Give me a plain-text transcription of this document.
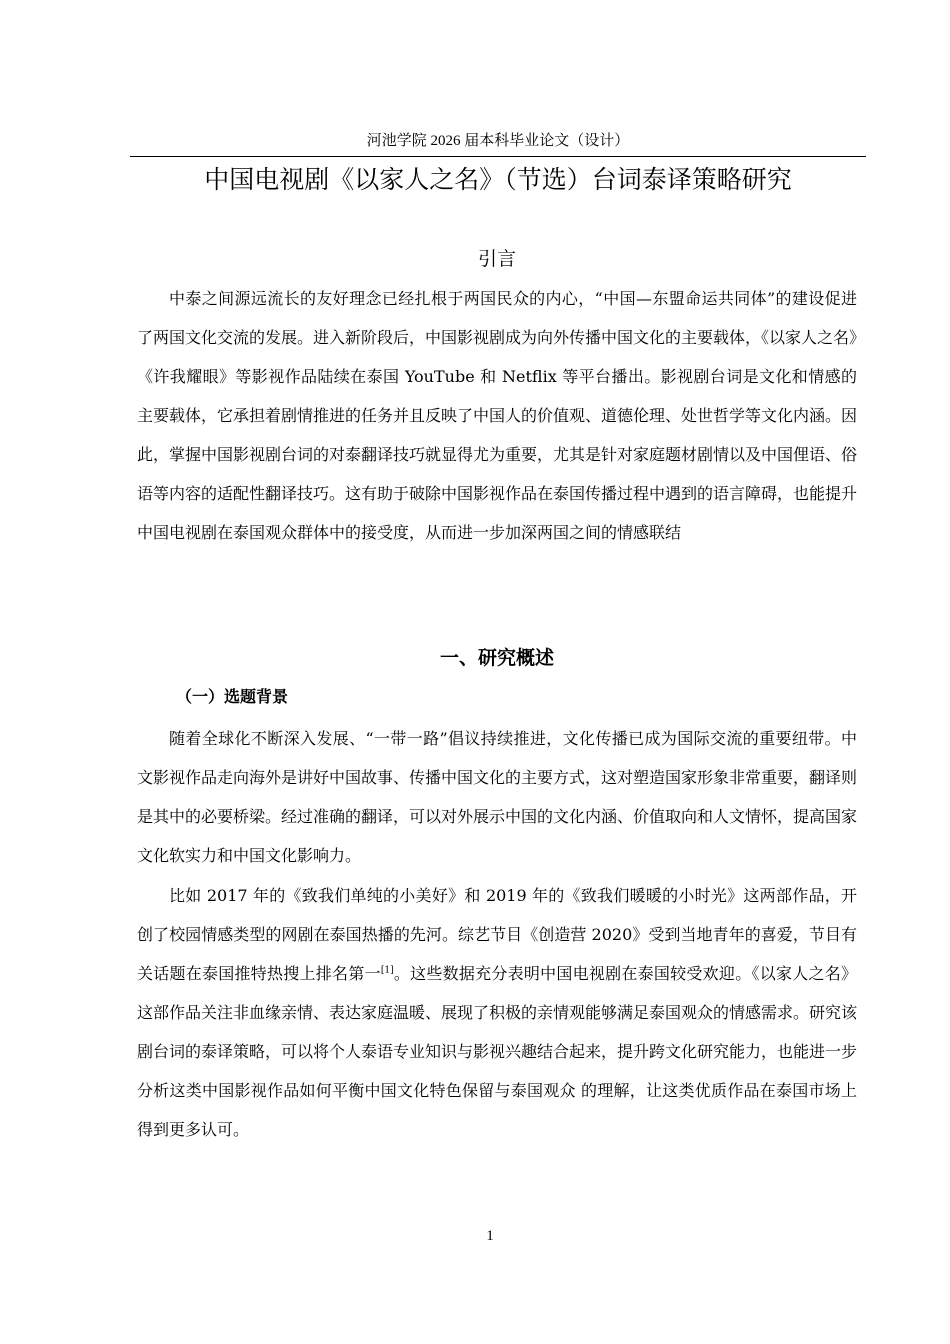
河池学院 2026 届本科毕业论文（设计）
中国电视剧《以家人之名》（节选）台词泰译策略研究
引言

中泰之间源远流长的友好理念已经扎根于两国民众的内心，“中国—东盟命运共同体”的建设促进了两国文化交流的发展。进入新阶段后，中国影视剧成为向外传播中国文化的主要载体，《以家人之名》《许我耀眼》等影视作品陆续在泰国 YouTube 和 Netflix 等平台播出。影视剧台词是文化和情感的主要载体，它承担着剧情推进的任务并且反映了中国人的价值观、道德伦理、处世哲学等文化内涵。因此，掌握中国影视剧台词的对泰翻译技巧就显得尤为重要，尤其是针对家庭题材剧情以及中国俚语、俗语等内容的适配性翻译技巧。这有助于破除中国影视作品在泰国传播过程中遇到的语言障碍，也能提升中国电视剧在泰国观众群体中的接受度，从而进一步加深两国之间的情感联结

一、研究概述
（一）选题背景

随着全球化不断深入发展、“一带一路”倡议持续推进，文化传播已成为国际交流的重要纽带。中文影视作品走向海外是讲好中国故事、传播中国文化的主要方式，这对塑造国家形象非常重要，翻译则是其中的必要桥梁。经过准确的翻译，可以对外展示中国的文化内涵、价值取向和人文情怀，提高国家文化软实力和中国文化影响力。

比如 2017 年的《致我们单纯的小美好》和 2019 年的《致我们暖暖的小时光》这两部作品，开创了校园情感类型的网剧在泰国热播的先河。综艺节目《创造营 2020》受到当地青年的喜爱，节目有关话题在泰国推特热搜上排名第一[1]。这些数据充分表明中国电视剧在泰国较受欢迎。《以家人之名》这部作品关注非血缘亲情、表达家庭温暖、展现了积极的亲情观能够满足泰国观众的情感需求。研究该剧台词的泰译策略，可以将个人泰语专业知识与影视兴趣结合起来，提升跨文化研究能力，也能进一步分析这类中国影视作品如何平衡中国文化特色保留与泰国观众 的理解，让这类优质作品在泰国市场上得到更多认可。

1
